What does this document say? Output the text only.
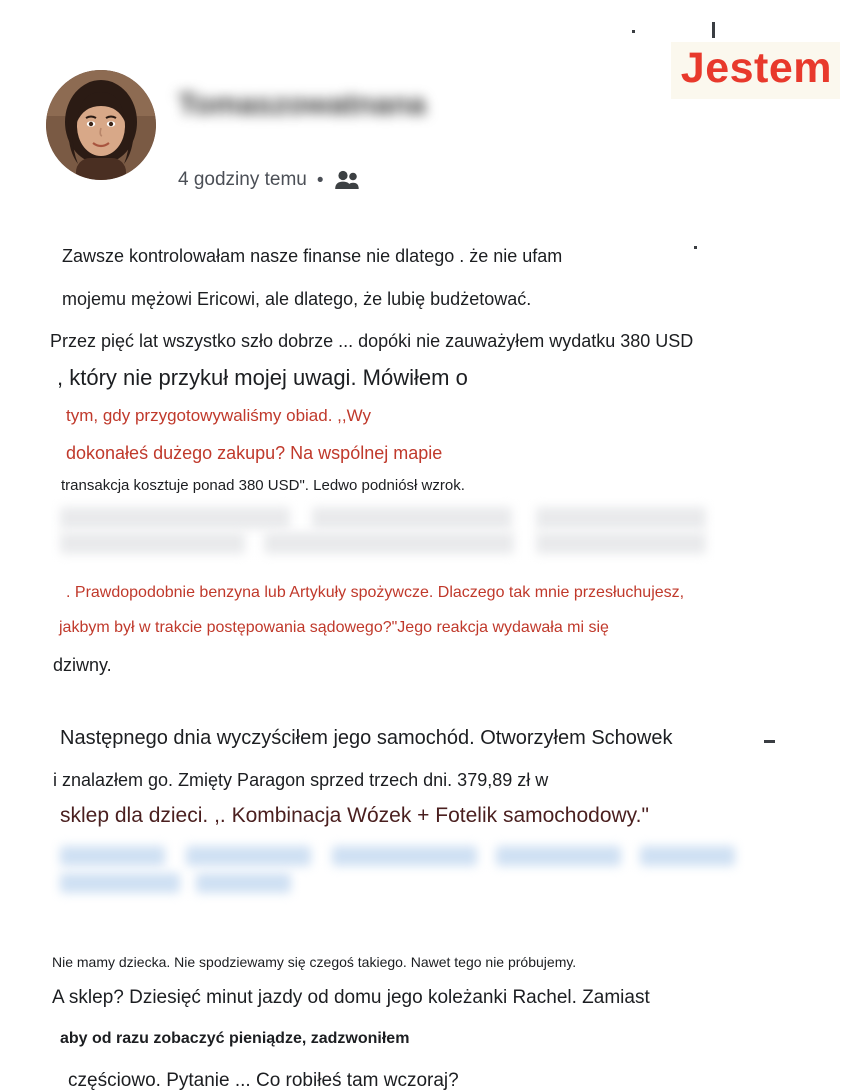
Tomaszowatnana
4 godziny temu •
Jestem
Zawsze kontrolowałam nasze finanse nie dlatego . że nie ufam
mojemu mężowi Ericowi, ale dlatego, że lubię budżetować.
Przez pięć lat wszystko szło dobrze ... dopóki nie zauważyłem wydatku 380 USD
, który nie przykuł mojej uwagi. Mówiłem o
tym, gdy przygotowywaliśmy obiad. ,,Wy
dokonałeś dużego zakupu? Na wspólnej mapie
transakcja kosztuje ponad 380 USD". Ledwo podniósł wzrok.
. Prawdopodobnie benzyna lub Artykuły spożywcze. Dlaczego tak mnie przesłuchujesz,
jakbym był w trakcie postępowania sądowego?"Jego reakcja wydawała mi się
dziwny.
Następnego dnia wyczyściłem jego samochód. Otworzyłem Schowek
i znalazłem go. Zmięty Paragon sprzed trzech dni. 379,89 zł w
sklep dla dzieci. ,. Kombinacja Wózek + Fotelik samochodowy."
Nie mamy dziecka. Nie spodziewamy się czegoś takiego. Nawet tego nie próbujemy.
A sklep? Dziesięć minut jazdy od domu jego koleżanki Rachel. Zamiast
aby od razu zobaczyć pieniądze, zadzwoniłem
częściowo. Pytanie ... Co robiłeś tam wczoraj?
